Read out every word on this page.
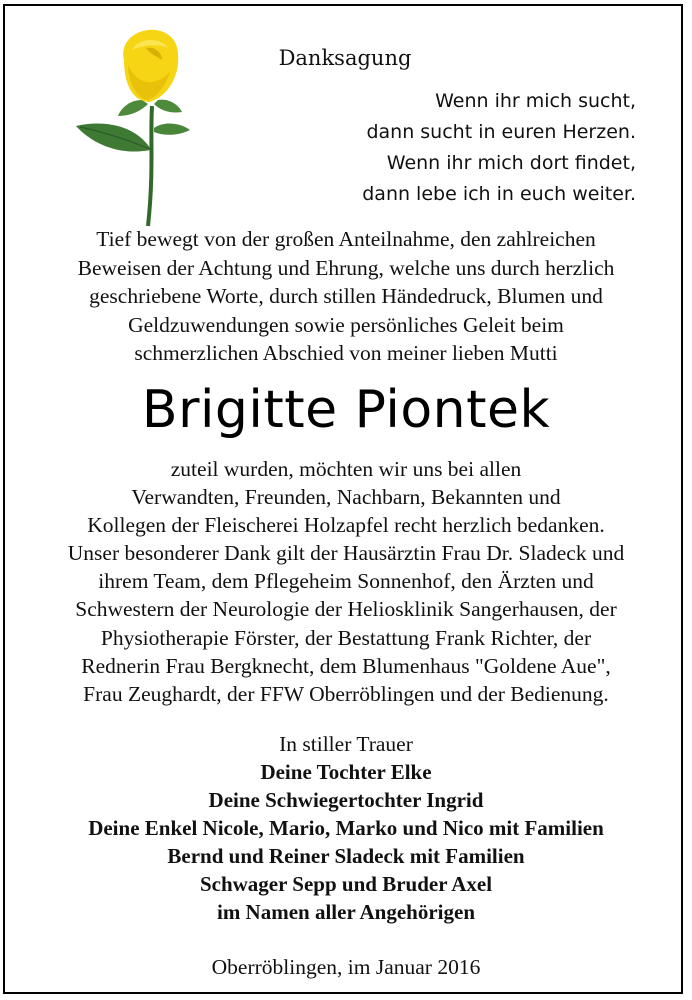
Danksagung
Wenn ihr mich sucht,
dann sucht in euren Herzen.
Wenn ihr mich dort findet,
dann lebe ich in euch weiter.
Tief bewegt von der großen Anteilnahme, den zahlreichen
Beweisen der Achtung und Ehrung, welche uns durch herzlich
geschriebene Worte, durch stillen Händedruck, Blumen und
Geldzuwendungen sowie persönliches Geleit beim
schmerzlichen Abschied von meiner lieben Mutti
Brigitte Piontek
zuteil wurden, möchten wir uns bei allen
Verwandten, Freunden, Nachbarn, Bekannten und
Kollegen der Fleischerei Holzapfel recht herzlich bedanken.
Unser besonderer Dank gilt der Hausärztin Frau Dr. Sladeck und
ihrem Team, dem Pflegeheim Sonnenhof, den Ärzten und
Schwestern der Neurologie der Heliosklinik Sangerhausen, der
Physiotherapie Förster, der Bestattung Frank Richter, der
Rednerin Frau Bergknecht, dem Blumenhaus "Goldene Aue",
Frau Zeughardt, der FFW Oberröblingen und der Bedienung.
In stiller Trauer
Deine Tochter Elke
Deine Schwiegertochter Ingrid
Deine Enkel Nicole, Mario, Marko und Nico mit Familien
Bernd und Reiner Sladeck mit Familien
Schwager Sepp und Bruder Axel
im Namen aller Angehörigen
Oberröblingen, im Januar 2016
